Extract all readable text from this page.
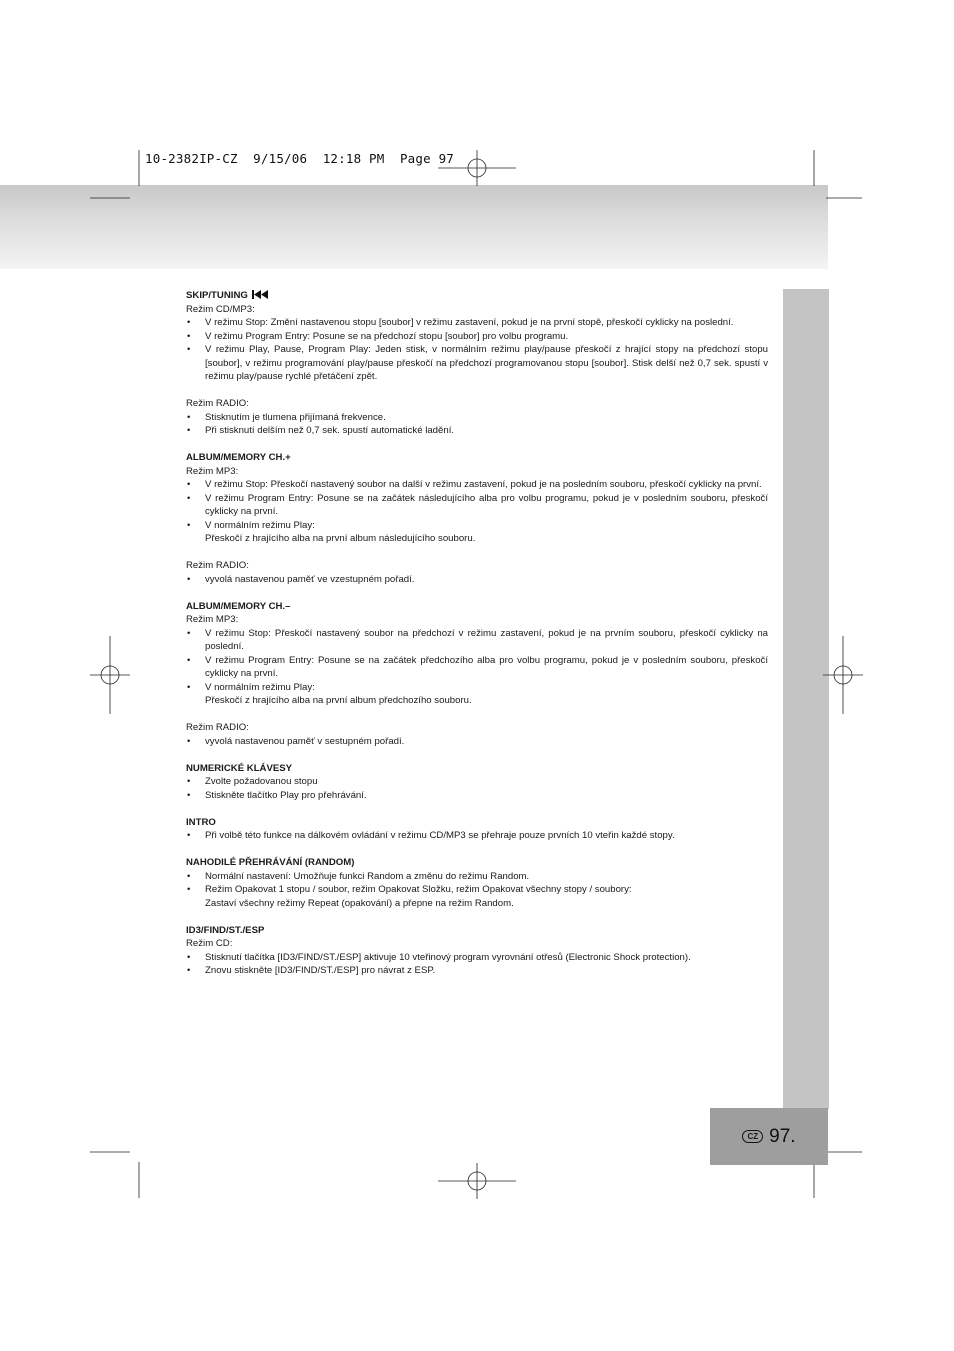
10-2382IP-CZ  9/15/06  12:18 PM  Page 97
SKIP/TUNING

Režim CD/MP3:

• V režimu Stop: Změní nastavenou stopu [soubor] v režimu zastavení, pokud je na první stopě, přeskočí cyklicky na poslední.
• V režimu Program Entry: Posune se na předchozí stopu [soubor] pro volbu programu.
• V režimu Play, Pause, Program Play: Jeden stisk, v normálním režimu play/pause přeskočí z hrající stopy na předchozí stopu [soubor], v režimu programování play/pause přeskočí na předchozí programovanou stopu [soubor]. Stisk delší než 0,7 sek. spustí v režimu play/pause rychlé přetáčení zpět.

Režim RADIO:

• Stisknutím je tlumena přijímaná frekvence.
• Při stisknutí delším než 0,7 sek. spustí automatické ladění.
ALBUM/MEMORY CH.+

Režim MP3:

• V režimu Stop: Přeskočí nastavený soubor na další v režimu zastavení, pokud je na posledním souboru, přeskočí cyklicky na první.
• V režimu Program Entry: Posune se na začátek následujícího alba pro volbu programu, pokud je v posledním souboru, přeskočí cyklicky na první.
• V normálním režimu Play:
Přeskočí z hrajícího alba na první album následujícího souboru.

Režim RADIO:

• vyvolá nastavenou paměť ve vzestupném pořadí.
ALBUM/MEMORY CH.–

Režim MP3:

• V režimu Stop: Přeskočí nastavený soubor na předchozí v režimu zastavení, pokud je na prvním souboru, přeskočí cyklicky na poslední.
• V režimu Program Entry: Posune se na začátek předchozího alba pro volbu programu, pokud je v posledním souboru, přeskočí cyklicky na první.
• V normálním režimu Play:
Přeskočí z hrajícího alba na první album předchozího souboru.

Režim RADIO:

• vyvolá nastavenou paměť v sestupném pořadí.
NUMERICKÉ KLÁVESY
• Zvolte požadovanou stopu
• Stiskněte tlačítko Play pro přehrávání.
INTRO
• Při volbě této funkce na dálkovém ovládání v režimu CD/MP3 se přehraje pouze prvních 10 vteřin každé stopy.
NAHODILÉ PŘEHRÁVÁNÍ (RANDOM)
• Normální nastavení: Umožňuje funkci Random a změnu do režimu Random.
• Režim Opakovat 1 stopu / soubor, režim Opakovat Složku, režim Opakovat všechny stopy / soubory:
Zastaví všechny režimy Repeat (opakování) a přepne na režim Random.
ID3/FIND/ST./ESP

Režim CD:

• Stisknutí tlačítka [ID3/FIND/ST./ESP] aktivuje 10 vteřinový program vyrovnání otřesů (Electronic Shock protection).
• Znovu stiskněte [ID3/FIND/ST./ESP] pro návrat z ESP.
CZ 97.
